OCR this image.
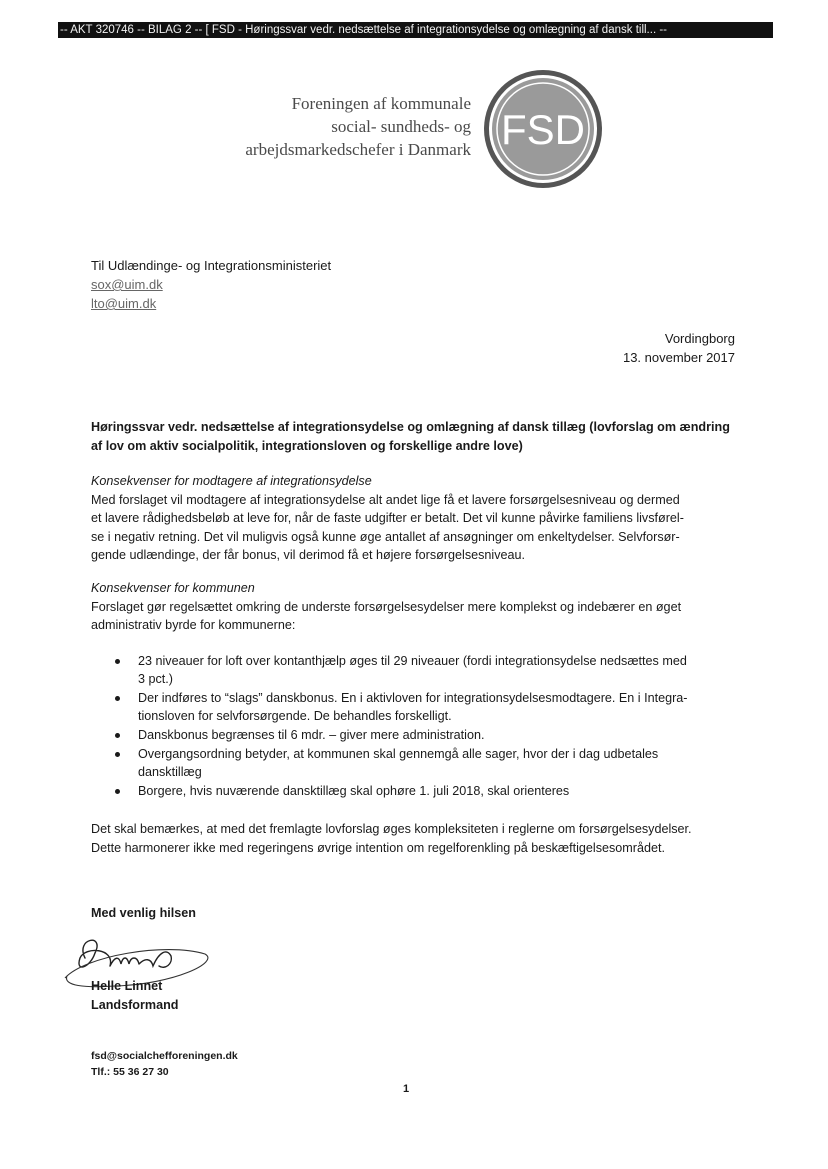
-- AKT 320746 -- BILAG 2 -- [ FSD - Høringssvar vedr. nedsættelse af integrationsydelse og omlægning af dansk till... --
Foreningen af kommunale
social- sundheds- og
arbejdsmarkedschefer i Danmark FSD
Til Udlændinge- og Integrationsministeriet
sox@uim.dk
lto@uim.dk
Vordingborg
13. november 2017
Høringssvar vedr. nedsættelse af integrationsydelse og omlægning af dansk tillæg (lovforslag om ændring
af lov om aktiv socialpolitik, integrationsloven og forskellige andre love)
Konsekvenser for modtagere af integrationsydelse
Med forslaget vil modtagere af integrationsydelse alt andet lige få et lavere forsørgelsesniveau og dermed
et lavere rådighedsbeløb at leve for, når de faste udgifter er betalt. Det vil kunne påvirke familiens livsførel-
se i negativ retning. Det vil muligvis også kunne øge antallet af ansøgninger om enkeltydelser. Selvforsør-
gende udlændinge, der får bonus, vil derimod få et højere forsørgelsesniveau.
Konsekvenser for kommunen
Forslaget gør regelsættet omkring de underste forsørgelsesydelser mere komplekst og indebærer en øget
administrativ byrde for kommunerne:
23 niveauer for loft over kontanthjælp øges til 29 niveauer (fordi integrationsydelse nedsættes med
3 pct.)
Der indføres to “slags” danskbonus. En i aktivloven for integrationsydelsesmodtagere. En i Integra-
tionsloven for selvforsørgende. De behandles forskelligt.
Danskbonus begrænses til 6 mdr. – giver mere administration.
Overgangsordning betyder, at kommunen skal gennemgå alle sager, hvor der i dag udbetales
dansktillæg
Borgere, hvis nuværende dansktillæg skal ophøre 1. juli 2018, skal orienteres
Det skal bemærkes, at med det fremlagte lovforslag øges kompleksiteten i reglerne om forsørgelsesydelser.
Dette harmonerer ikke med regeringens øvrige intention om regelforenkling på beskæftigelsesområdet.
Med venlig hilsen
Helle Linnet
Landsformand
fsd@socialchefforeningen.dk
Tlf.: 55 36 27 30
1
